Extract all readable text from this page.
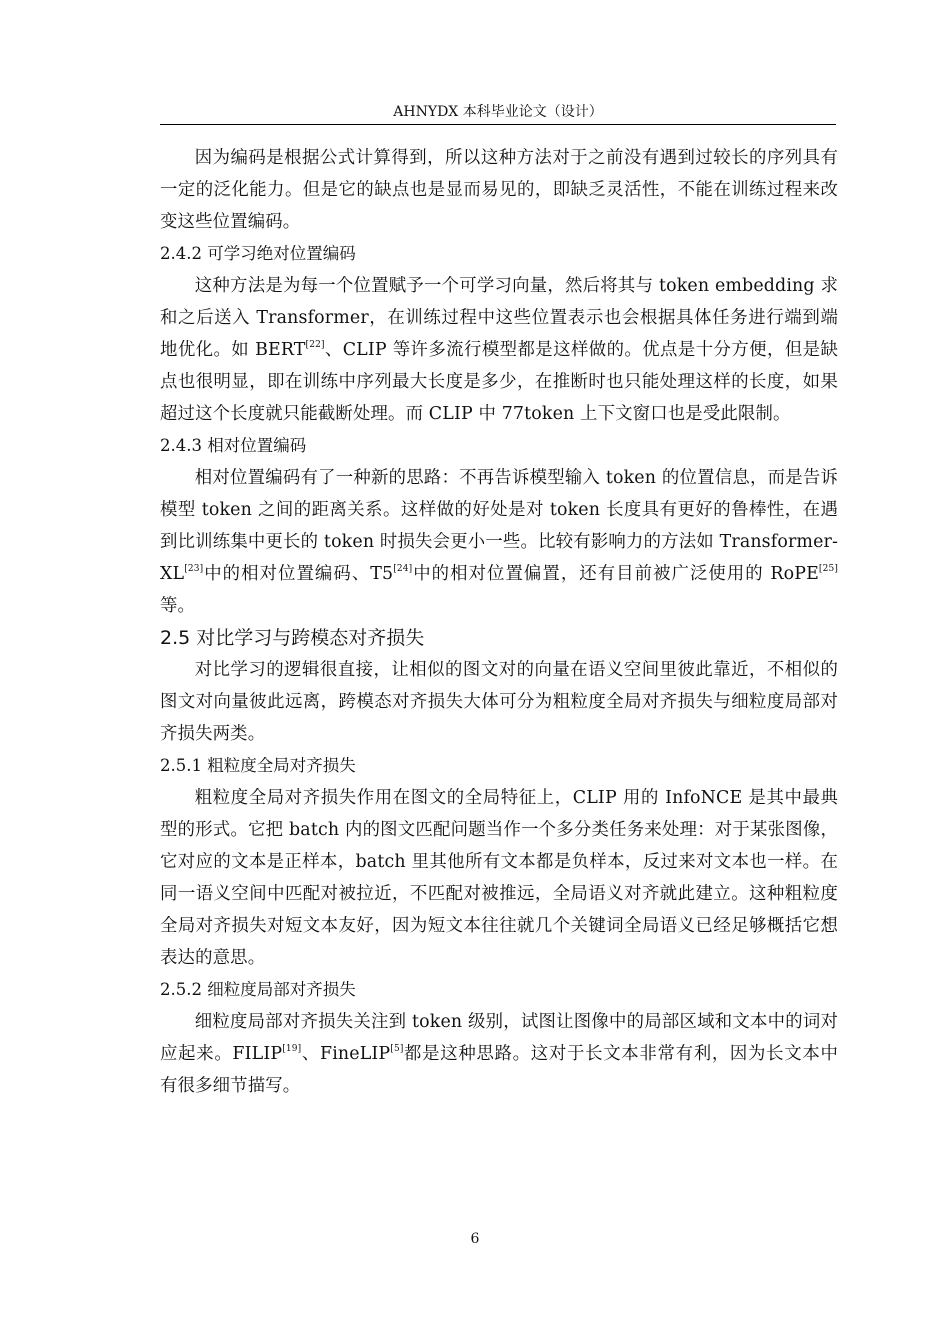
AHNYDX 本科毕业论文（设计）

因为编码是根据公式计算得到，所以这种方法对于之前没有遇到过较长的序列具有一定的泛化能力。但是它的缺点也是显而易见的，即缺乏灵活性，不能在训练过程来改变这些位置编码。

2.4.2 可学习绝对位置编码

这种方法是为每一个位置赋予一个可学习向量，然后将其与 token embedding 求和之后送入 Transformer，在训练过程中这些位置表示也会根据具体任务进行端到端地优化。如 BERT[22]、CLIP 等许多流行模型都是这样做的。优点是十分方便，但是缺点也很明显，即在训练中序列最大长度是多少，在推断时也只能处理这样的长度，如果超过这个长度就只能截断处理。而 CLIP 中 77token 上下文窗口也是受此限制。

2.4.3 相对位置编码

相对位置编码有了一种新的思路：不再告诉模型输入 token 的位置信息，而是告诉模型 token 之间的距离关系。这样做的好处是对 token 长度具有更好的鲁棒性，在遇到比训练集中更长的 token 时损失会更小一些。比较有影响力的方法如 Transformer-XL[23]中的相对位置编码、T5[24]中的相对位置偏置，还有目前被广泛使用的 RoPE[25]等。

2.5 对比学习与跨模态对齐损失

对比学习的逻辑很直接，让相似的图文对的向量在语义空间里彼此靠近，不相似的图文对向量彼此远离，跨模态对齐损失大体可分为粗粒度全局对齐损失与细粒度局部对齐损失两类。

2.5.1 粗粒度全局对齐损失

粗粒度全局对齐损失作用在图文的全局特征上，CLIP 用的 InfoNCE 是其中最典型的形式。它把 batch 内的图文匹配问题当作一个多分类任务来处理：对于某张图像，它对应的文本是正样本，batch 里其他所有文本都是负样本，反过来对文本也一样。在同一语义空间中匹配对被拉近，不匹配对被推远，全局语义对齐就此建立。这种粗粒度全局对齐损失对短文本友好，因为短文本往往就几个关键词全局语义已经足够概括它想表达的意思。

2.5.2 细粒度局部对齐损失

细粒度局部对齐损失关注到 token 级别，试图让图像中的局部区域和文本中的词对应起来。FILIP[19]、FineLIP[5]都是这种思路。这对于长文本非常有利，因为长文本中有很多细节描写。

6
